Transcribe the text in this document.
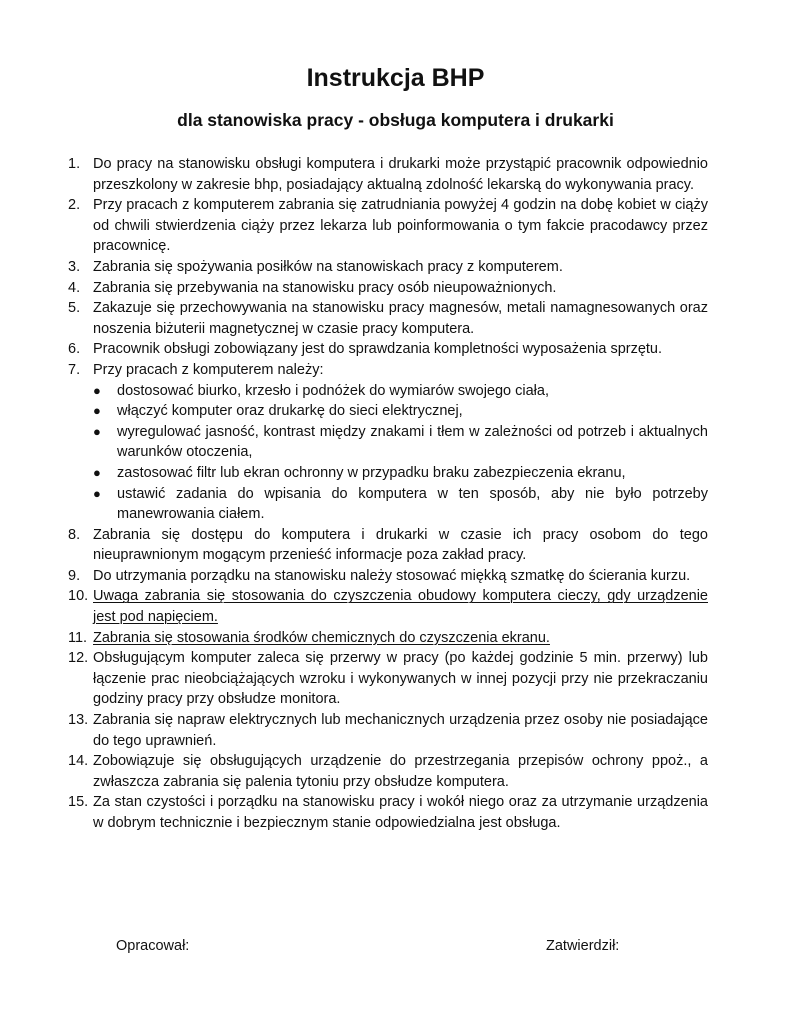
Instrukcja BHP
dla stanowiska pracy - obsługa komputera i drukarki
1. Do pracy na stanowisku obsługi komputera i drukarki może przystąpić pracownik odpowiednio przeszkolony w zakresie bhp, posiadający aktualną zdolność lekarską do wykonywania pracy.
2. Przy pracach z komputerem zabrania się zatrudniania powyżej 4 godzin na dobę kobiet w ciąży od chwili stwierdzenia ciąży przez lekarza lub poinformowania o tym fakcie pracodawcy przez pracownicę.
3. Zabrania się spożywania posiłków na stanowiskach pracy z komputerem.
4. Zabrania się przebywania na stanowisku pracy osób nieupoważnionych.
5. Zakazuje się przechowywania na stanowisku pracy magnesów, metali namagnesowanych oraz noszenia biżuterii magnetycznej w czasie pracy komputera.
6. Pracownik obsługi zobowiązany jest do sprawdzania kompletności wyposażenia sprzętu.
7. Przy pracach z komputerem należy:
● dostosować biurko, krzesło i podnóżek do wymiarów swojego ciała,
● włączyć komputer oraz drukarkę do sieci elektrycznej,
● wyregulować jasność, kontrast między znakami i tłem w zależności od potrzeb i aktualnych warunków otoczenia,
● zastosować filtr lub ekran ochronny w przypadku braku zabezpieczenia ekranu,
● ustawić zadania do wpisania do komputera w ten sposób, aby nie było potrzeby manewrowania ciałem.
8. Zabrania się dostępu do komputera i drukarki w czasie ich pracy osobom do tego nieuprawnionym mogącym przenieść informacje poza zakład pracy.
9. Do utrzymania porządku na stanowisku należy stosować miękką szmatkę do ścierania kurzu.
10. Uwaga zabrania się stosowania do czyszczenia obudowy komputera cieczy, gdy urządzenie jest pod napięciem.
11. Zabrania się stosowania środków chemicznych do czyszczenia ekranu.
12. Obsługującym komputer zaleca się przerwy w pracy (po każdej godzinie 5 min. przerwy) lub łączenie prac nieobciążających wzroku i wykonywanych w innej pozycji przy nie przekraczaniu godziny pracy przy obsłudze monitora.
13. Zabrania się napraw elektrycznych lub mechanicznych urządzenia przez osoby nie posiadające do tego uprawnień.
14. Zobowiązuje się obsługujących urządzenie do przestrzegania przepisów ochrony ppoż., a zwłaszcza zabrania się palenia tytoniu przy obsłudze komputera.
15. Za stan czystości i porządku na stanowisku pracy i wokół niego oraz za utrzymanie urządzenia w dobrym technicznie i bezpiecznym stanie odpowiedzialna jest obsługa.
Opracował:	Zatwierdził:
